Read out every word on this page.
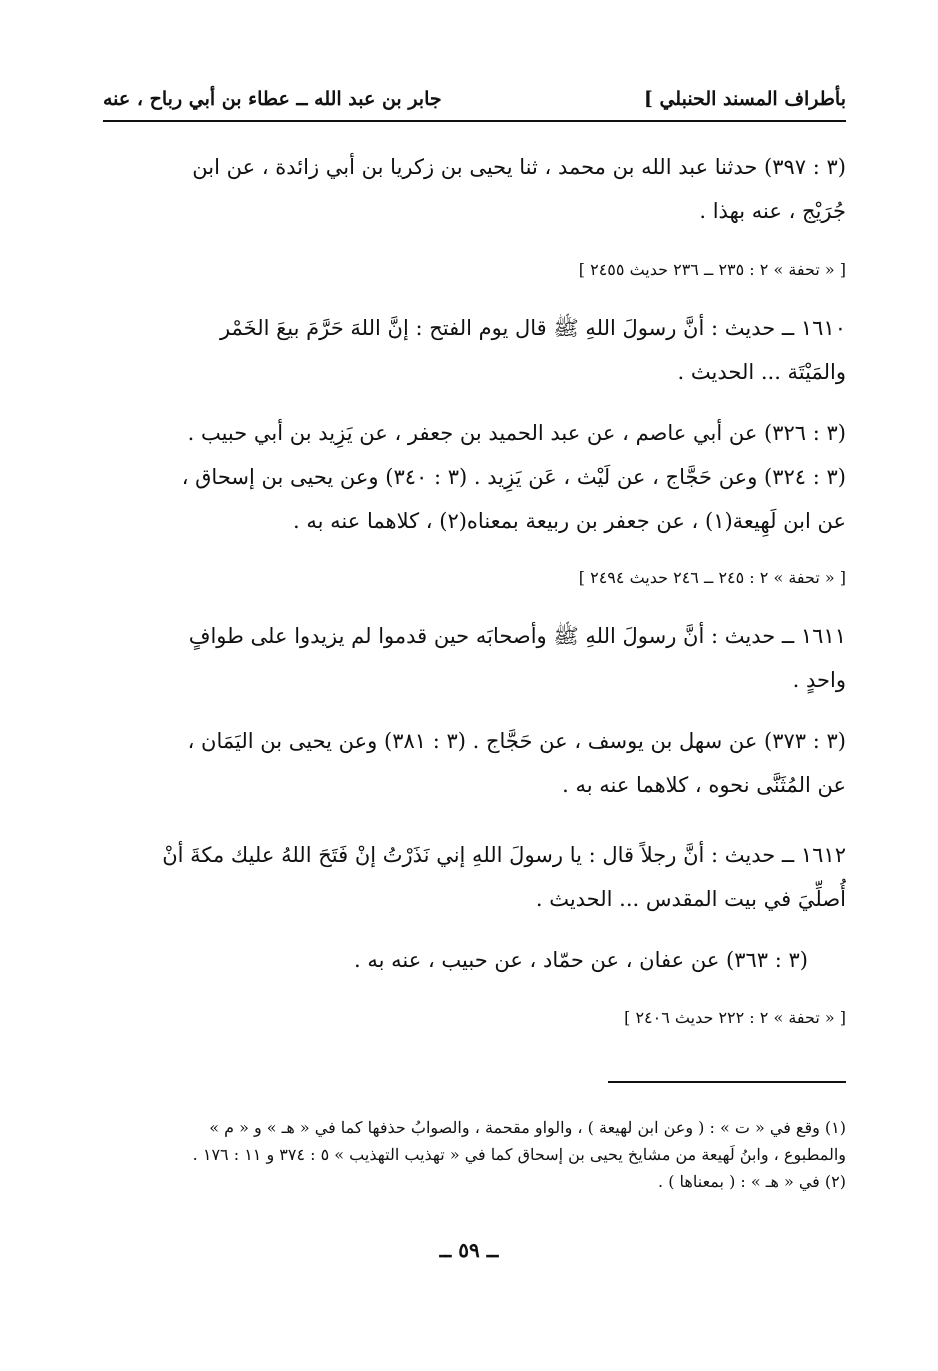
بأطراف المسند الحنبلي ]
جابر بن عبد الله ــ عطاء بن أبي رباح ، عنه
(٣ : ٣٩٧) حدثنا عبد الله بن محمد ، ثنا يحيى بن زكريا بن أبي زائدة ، عن ابن
جُرَيْج ، عنه بهذا .
[ « تحفة » ٢ : ٢٣٥ ــ ٢٣٦ حديث ٢٤٥٥ ]
١٦١٠ ــ حديث : أنَّ رسولَ اللهِ ﷺ قال يوم الفتح : إنَّ اللهَ حَرَّمَ بيعَ الخَمْر
والمَيْتَة ... الحديث .
(٣ : ٣٢٦) عن أبي عاصم ، عن عبد الحميد بن جعفر ، عن يَزِيد بن أبي حبيب .
(٣ : ٣٢٤) وعن حَجَّاج ، عن لَيْث ، عَن يَزِيد . (٣ : ٣٤٠) وعن يحيى بن إسحاق ،
عن ابن لَهِيعة(١) ، عن جعفر بن ربيعة بمعناه(٢) ، كلاهما عنه به .
[ « تحفة » ٢ : ٢٤٥ ــ ٢٤٦ حديث ٢٤٩٤ ]
١٦١١ ــ حديث : أنَّ رسولَ اللهِ ﷺ وأصحابَه حين قدموا لم يزيدوا على طوافٍ
واحدٍ .
(٣ : ٣٧٣) عن سهل بن يوسف ، عن حَجَّاج . (٣ : ٣٨١) وعن يحيى بن اليَمَان ،
عن المُثَنَّى نحوه ، كلاهما عنه به .
١٦١٢ ــ حديث : أنَّ رجلاً قال : يا رسولَ اللهِ إني نَذَرْتُ إنْ فَتَحَ اللهُ عليك مكةَ أنْ
أُصلِّيَ في بيت المقدس ... الحديث .
(٣ : ٣٦٣) عن عفان ، عن حمّاد ، عن حبيب ، عنه به .
[ « تحفة » ٢ : ٢٢٢ حديث ٢٤٠٦ ]
(١) وقع في « ت » : ( وعن ابن لهيعة ) ، والواو مقحمة ، والصوابُ حذفها كما في « هـ » و « م »
والمطبوع ، وابنُ لَهيعة من مشايخ يحيى بن إسحاق كما في « تهذيب التهذيب » ٥ : ٣٧٤ و ١١ : ١٧٦ .
(٢) في « هـ » : ( بمعناها ) .
ــ ٥٩ ــ
